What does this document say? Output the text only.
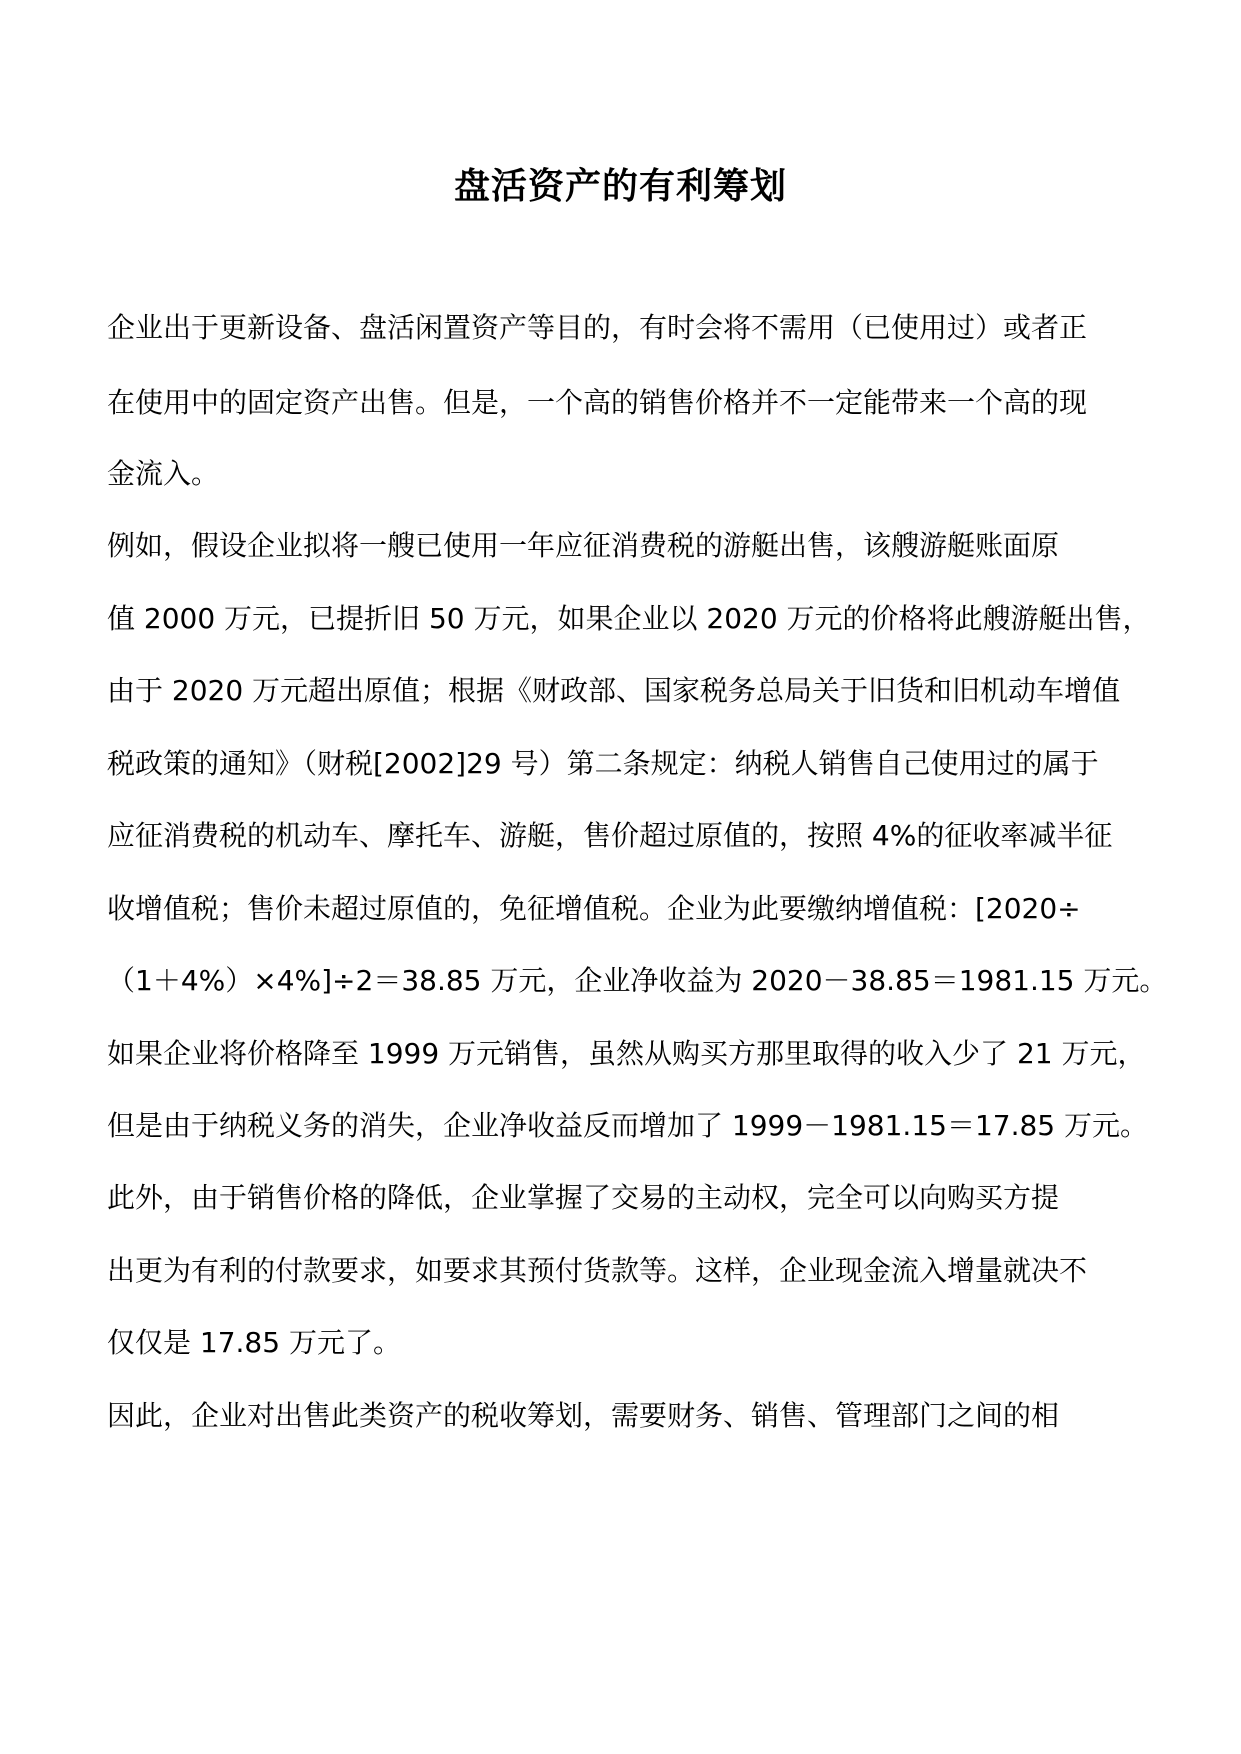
盘活资产的有利筹划
企业出于更新设备、盘活闲置资产等目的，有时会将不需用（已使用过）或者正
在使用中的固定资产出售。但是，一个高的销售价格并不一定能带来一个高的现
金流入。
例如，假设企业拟将一艘已使用一年应征消费税的游艇出售，该艘游艇账面原
值 2000 万元，已提折旧 50 万元，如果企业以 2020 万元的价格将此艘游艇出售，
由于 2020 万元超出原值；根据《财政部、国家税务总局关于旧货和旧机动车增值
税政策的通知》（财税[2002]29 号）第二条规定：纳税人销售自己使用过的属于
应征消费税的机动车、摩托车、游艇，售价超过原值的，按照 4%的征收率减半征
收增值税；售价未超过原值的，免征增值税。企业为此要缴纳增值税：[2020÷
（1＋4%）×4%]÷2＝38.85 万元，企业净收益为 2020－38.85＝1981.15 万元。
如果企业将价格降至 1999 万元销售，虽然从购买方那里取得的收入少了 21 万元，
但是由于纳税义务的消失，企业净收益反而增加了 1999－1981.15＝17.85 万元。
此外，由于销售价格的降低，企业掌握了交易的主动权，完全可以向购买方提
出更为有利的付款要求，如要求其预付货款等。这样，企业现金流入增量就决不
仅仅是 17.85 万元了。
因此，企业对出售此类资产的税收筹划，需要财务、销售、管理部门之间的相
